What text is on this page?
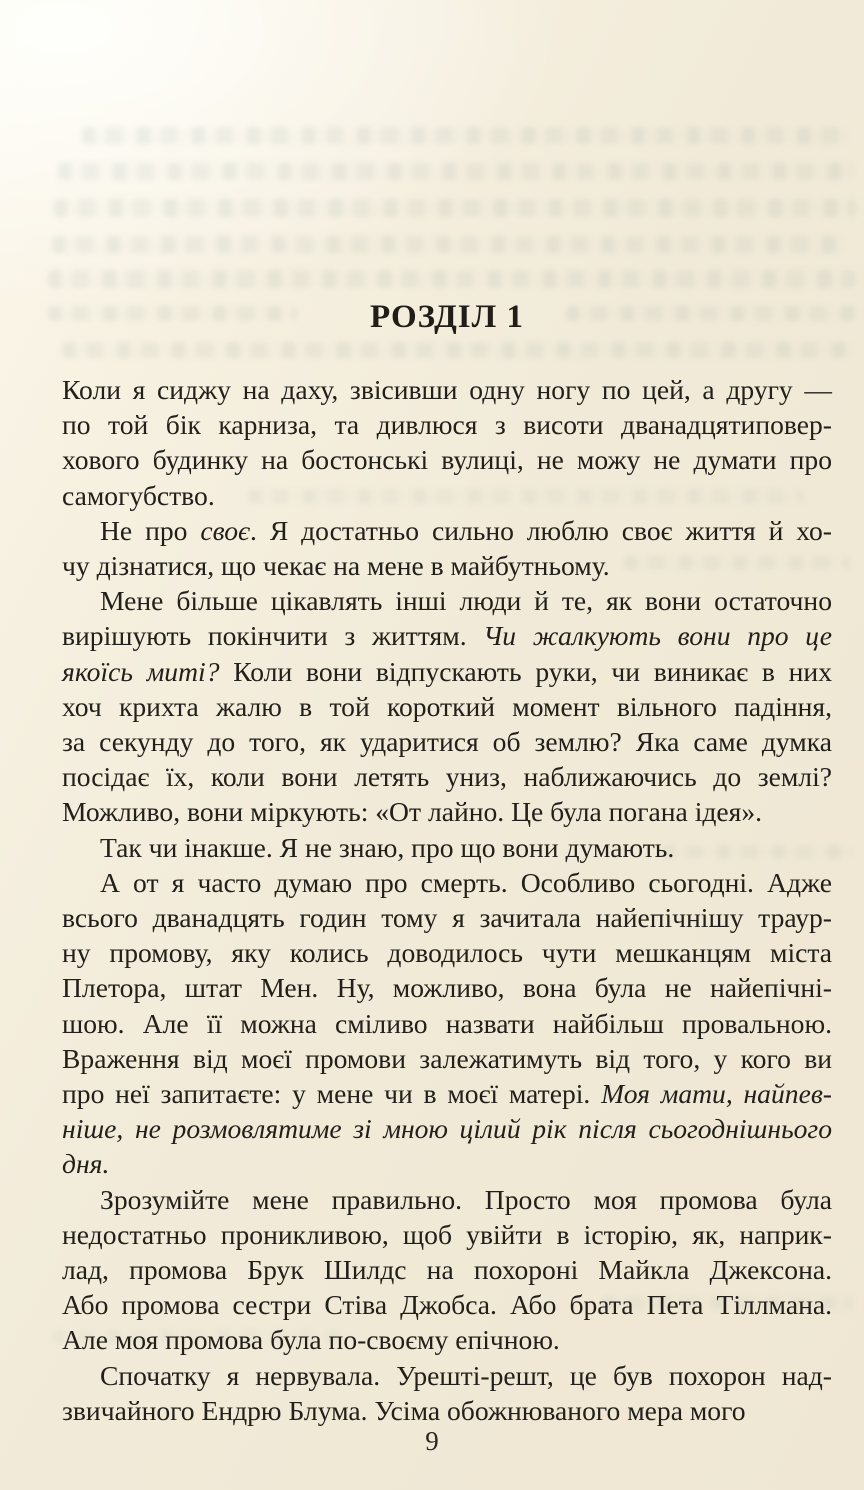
РОЗДІЛ 1
Коли я сиджу на даху, звісивши одну ногу по цей, а другу —
по той бік карниза, та дивлюся з висоти дванадцятиповер-
хового будинку на бостонські вулиці, не можу не думати про
самогубство.
Не про своє. Я достатньо сильно люблю своє життя й хо-
чу дізнатися, що чекає на мене в майбутньому.
Мене більше цікавлять інші люди й те, як вони остаточно
вирішують покінчити з життям. Чи жалкують вони про це
якоїсь миті? Коли вони відпускають руки, чи виникає в них
хоч крихта жалю в той короткий момент вільного падіння,
за секунду до того, як ударитися об землю? Яка саме думка
посідає їх, коли вони летять униз, наближаючись до землі?
Можливо, вони міркують: «От лайно. Це була погана ідея».
Так чи інакше. Я не знаю, про що вони думають.
А от я часто думаю про смерть. Особливо сьогодні. Адже
всього дванадцять годин тому я зачитала найепічнішу траур-
ну промову, яку колись доводилось чути мешканцям міста
Плетора, штат Мен. Ну, можливо, вона була не найепічні-
шою. Але її можна сміливо назвати найбільш провальною.
Враження від моєї промови залежатимуть від того, у кого ви
про неї запитаєте: у мене чи в моєї матері. Моя мати, найпев-
ніше, не розмовлятиме зі мною цілий рік після сьогоднішнього дня.
Зрозумійте мене правильно. Просто моя промова була
недостатньо проникливою, щоб увійти в історію, як, наприк-
лад, промова Брук Шилдс на похороні Майкла Джексона.
Або промова сестри Стіва Джобса. Або брата Пета Тіллмана.
Але моя промова була по-своєму епічною.
Спочатку я нервувала. Урешті-решт, це був похорон над-
звичайного Ендрю Блума. Усіма обожнюваного мера мого
9
